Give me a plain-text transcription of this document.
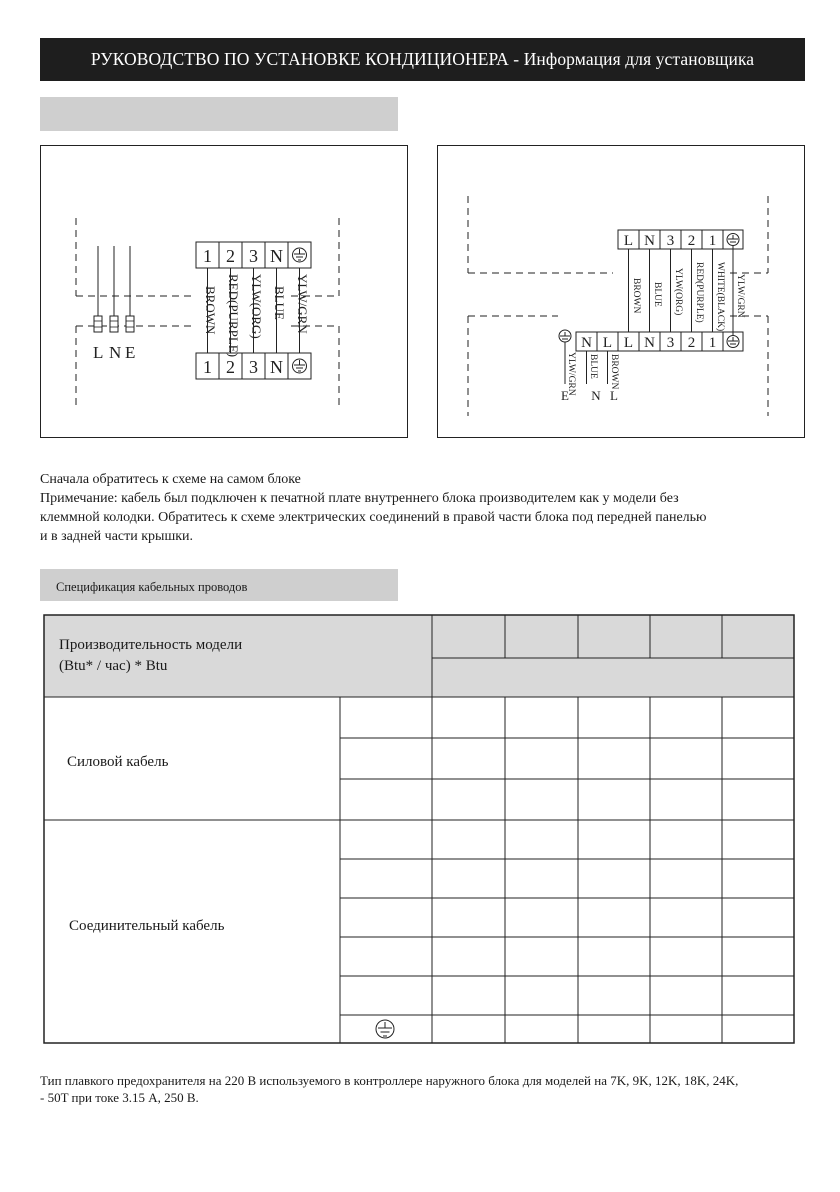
РУКОВОДСТВО ПО УСТАНОВКЕ КОНДИЦИОНЕРА - Информация для установщика
L N E
1 2 3 N
1 2 3 N
BROWN RED(PURPLE) YLW(ORG) BLUE YLW/GRN
L N 3 2 1
N L L N 3 2 1
BROWN BLUE YLW(ORG) RED(PURPLE) WHITE(BLACK) YLW/GRN
YLW/GRN BLUE BROWN
E N L
Сначала обратитесь к схеме на самом блоке
Примечание: кабель был подключен к печатной плате внутреннего блока производителем как у модели без
клеммной колодки. Обратитесь к схеме электрических соединений в правой части блока под передней панелью
и в задней части крышки.
Спецификация кабельных проводов
Производительность модели
(Btu* / час) * Btu
Силовой кабель
Соединительный кабель
Тип плавкого предохранителя на 220 В используемого в контроллере наружного блока для моделей на 7K, 9K, 12K, 18K, 24K,
- 50T при токе 3.15 A, 250 В.
